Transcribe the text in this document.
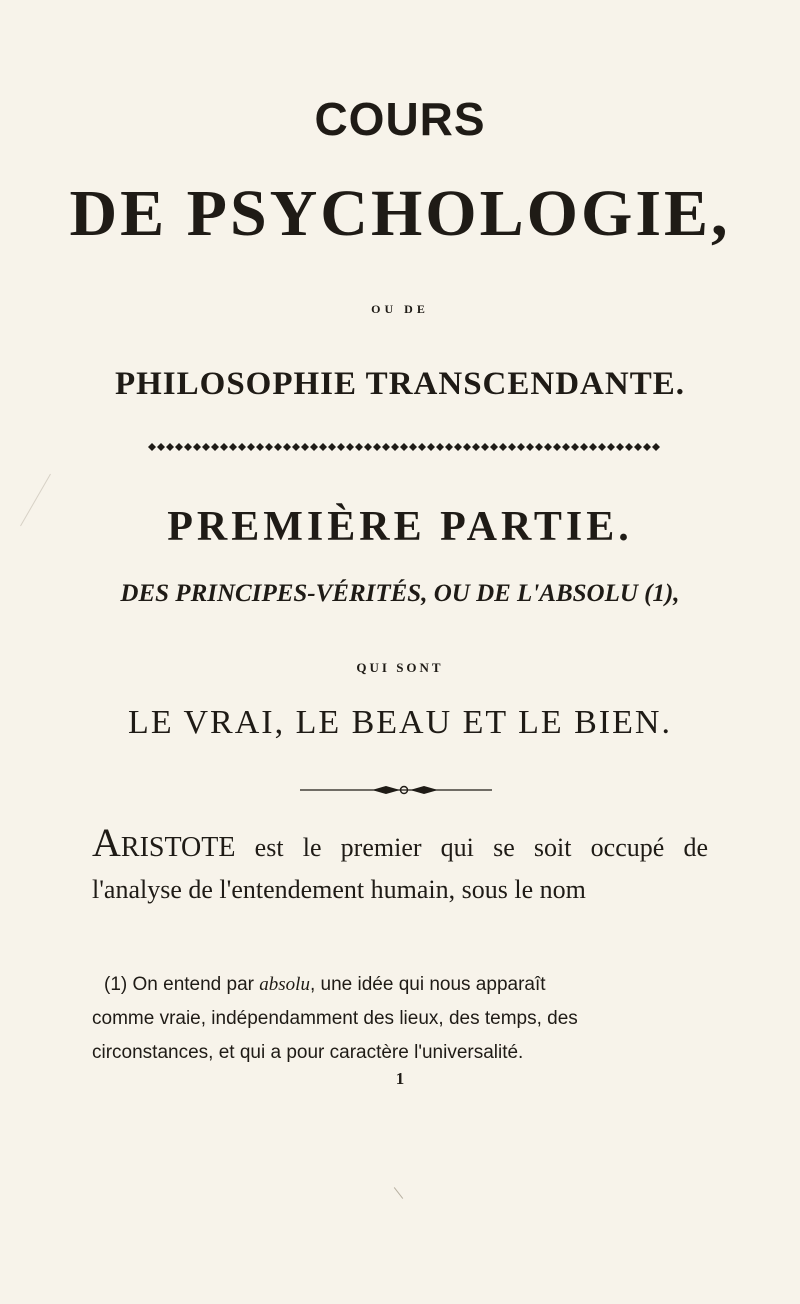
COURS
DE PSYCHOLOGIE,

OU DE

PHILOSOPHIE TRANSCENDANTE.
PREMIÈRE PARTIE.

DES PRINCIPES-VÉRITÉS, OU DE L'ABSOLU (1),

QUI SONT

LE VRAI, LE BEAU ET LE BIEN.

ARISTOTE est le premier qui se soit occupé de
l'analyse de l'entendement humain, sous le nom
(1) On entend par absolu, une idée qui nous apparaît
comme vraie, indépendamment des lieux, des temps, des
circonstances, et qui a pour caractère l'universalité.
1
